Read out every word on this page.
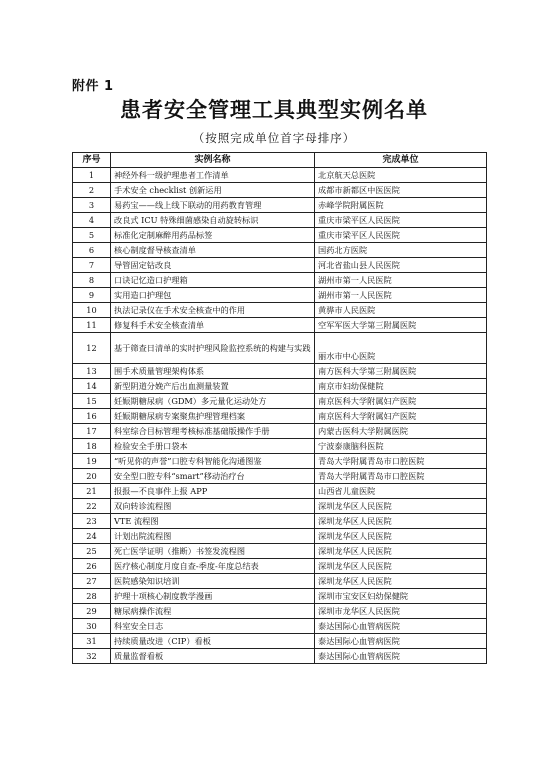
附件 1
患者安全管理工具典型实例名单
（按照完成单位首字母排序）
序号	实例名称	完成单位
1	神经外科一级护理患者工作清单	北京航天总医院
2	手术安全 checklist 创新运用	成都市新都区中医医院
3	易药宝——线上线下联动的用药教育管理	赤峰学院附属医院
4	改良式 ICU 特殊细菌感染自动旋转标识	重庆市梁平区人民医院
5	标准化定制麻醉用药品标签	重庆市梁平区人民医院
6	核心制度督导核查清单	国药北方医院
7	导管固定钻改良	河北省盐山县人民医院
8	口诀记忆造口护理箱	湖州市第一人民医院
9	实用造口护理包	湖州市第一人民医院
10	执法记录仪在手术安全核查中的作用	黄骅市人民医院
11	修复科手术安全核查清单	空军军医大学第三附属医院
12	基于筛查日清单的实时护理风险监控系统的构建与实践	丽水市中心医院
13	围手术质量管理架构体系	南方医科大学第三附属医院
14	新型阴道分娩产后出血测量装置	南京市妇幼保健院
15	妊娠期糖尿病（GDM）多元量化运动处方	南京医科大学附属妇产医院
16	妊娠期糖尿病专案聚焦护理管理档案	南京医科大学附属妇产医院
17	科室综合目标管理考核标准基础版操作手册	内蒙古医科大学附属医院
18	检验安全手册口袋本	宁波泰康脑科医院
19	“听见你的声誉”口腔专科智能化沟通图鉴	青岛大学附属青岛市口腔医院
20	安全型口腔专科“smart”移动治疗台	青岛大学附属青岛市口腔医院
21	报报—不良事件上报 APP	山西省儿童医院
22	双向转诊流程图	深圳龙华区人民医院
23	VTE 流程图	深圳龙华区人民医院
24	计划出院流程图	深圳龙华区人民医院
25	死亡医学证明（推断）书签发流程图	深圳龙华区人民医院
26	医疗核心制度月度自查-季度-年度总结表	深圳龙华区人民医院
27	医院感染知识培训	深圳龙华区人民医院
28	护理十项核心制度教学漫画	深圳市宝安区妇幼保健院
29	糖尿病操作流程	深圳市龙华区人民医院
30	科室安全日志	泰达国际心血管病医院
31	持续质量改进（CIP）看板	泰达国际心血管病医院
32	质量监督看板	泰达国际心血管病医院
